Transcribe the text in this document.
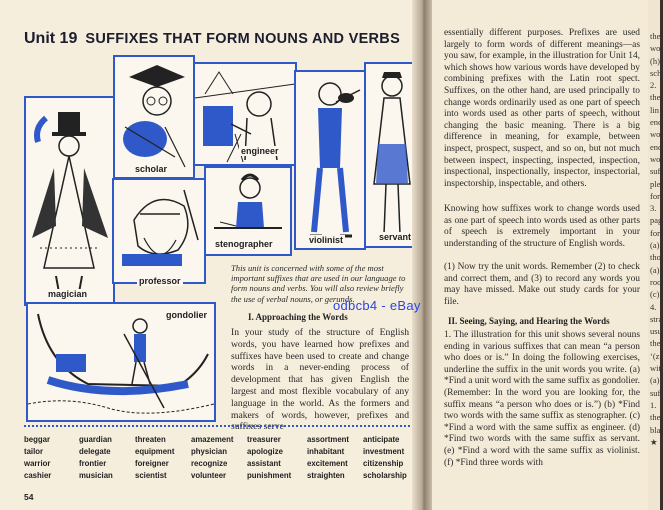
Unit 19 SUFFIXES THAT FORM NOUNS AND VERBS
magician
scholar
engineer
violinist	servant
stenographer
professor
gondolier

This unit is concerned with some of the most important suffixes that are used in our language to form nouns and verbs. You will also review briefly the use of verbal nouns, or gerunds.

I. Approaching the Words

In your study of the structure of English words, you have learned how prefixes and suffixes have been used to create and change words in a never-ending process of development that has given English the largest and most flexible vocabulary of any language in the world. As the formers and makers of words, however, prefixes and suffixes serve

beggar	guardian	threaten	amazement	treasurer	assortment	anticipate
tailor	delegate	equipment	physician	apologize	inhabitant	investment
warrior	frontier	foreigner	recognize	assistant	excitement	citizenship
cashier	musician	scientist	volunteer	punishment	straighten	scholarship
54

essentially different purposes. Prefixes are used largely to form words of different meanings—as you saw, for example, in the illustration for Unit 14, which shows how various words have developed by combining prefixes with the Latin root spect. Suffixes, on the other hand, are used principally to change words ordinarily used as one part of speech into words used as other parts of speech, without changing the basic meaning. There is a big difference in meaning, for example, between inspect, prospect, suspect, and so on, but not much between inspect, inspecting, inspected, inspection, inspectional, inspectionally, inspector, inspectorial, inspectorship, inspectable, and others.

Knowing how suffixes work to change words used as one part of speech into words used as other parts of speech is extremely important in your understanding of the structure of English words.

(1) Now try the unit words. Remember (2) to check and correct them, and (3) to record any words you may have missed. Make out study cards for your file.

II. Seeing, Saying, and Hearing the Words

1. The illustration for this unit shows several nouns ending in various suffixes that can mean “a person who does or is.” In doing the following exercises, underline the suffix in the unit words you write. (a) *Find a unit word with the same suffix as gondolier. (Remember: In the word you are looking for, the suffix means “a person who does or is.”) (b) *Find two words with the same suffix as stenographer. (c) *Find a word with the same suffix as engineer. (d) *Find two words with the same suffix as servant. (e) *Find a word with the same suffix as violinist. (f) *Find three words with

the
wo
(h)
sch
2.
the
lin
enc
wo
enc
wo
sufi
ple
for
3.
pag
for
(a)
tho
(a)
roo
(c)
4.
stra
usu
thei
‘(z
wit
(a)
suf
1.
the
blar
★
odbcb4 - eBay
